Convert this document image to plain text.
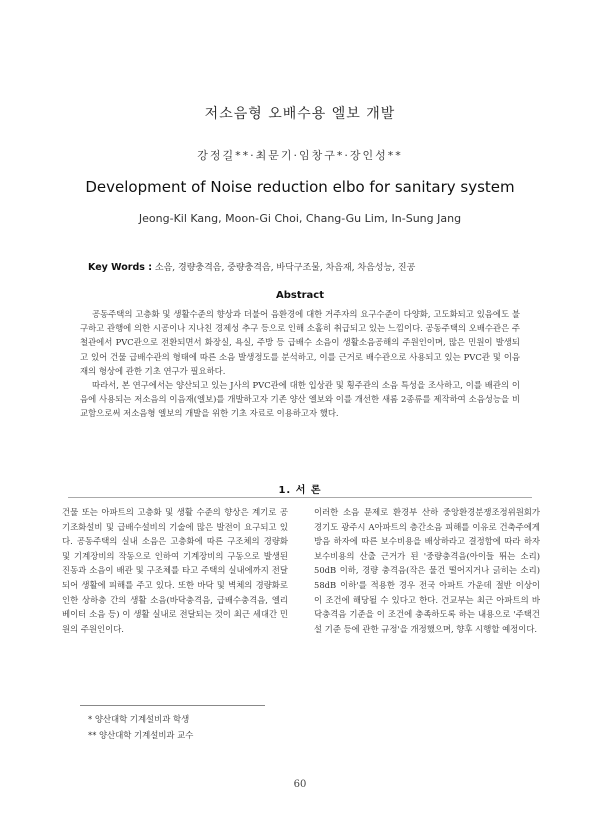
저소음형 오배수용 엘보 개발
강정길**·최문기·임창구*·장인성**
Development of Noise reduction elbo for sanitary system
Jeong-Kil Kang, Moon-Gi Choi, Chang-Gu Lim, In-Sung Jang
Key Words : 소음, 경량충격음, 중량충격음, 바닥구조물, 차음재, 차음성능, 진공
Abstract

공동주택의 고층화 및 생활수준의 향상과 더불어 음환경에 대한 거주자의 요구수준이 다양화, 고도화되고 있음에도 불구하고 관행에 의한 시공이나 지나친 경제성 추구 등으로 인해 소홀히 취급되고 있는 느낌이다. 공동주택의 오배수관은 주철관에서 PVC관으로 전환되면서 화장실, 욕실, 주방 등 급배수 소음이 생활소음공해의 주원인이며, 많은 민원이 발생되고 있어 건물 급배수관의 형태에 따른 소음 발생정도를 분석하고, 이를 근거로 배수관으로 사용되고 있는 PVC관 및 이음재의 형상에 관한 기초 연구가 필요하다.

따라서, 본 연구에서는 양산되고 있는 J사의 PVC관에 대한 입상관 및 횡주관의 소음 특성을 조사하고, 이를 배관의 이음에 사용되는 저소음의 이음재(엘보)를 개발하고자 기존 양산 엘보와 이를 개선한 새롬 2종류를 제작하여 소음성능을 비교함으로써 저소음형 엘보의 개발을 위한 기초 자료로 이용하고자 했다.

1. 서 론

건물 또는 아파트의 고층화 및 생활 수준의 향상은 계기로 공기조화설비 및 급배수설비의 기술에 많은 발전이 요구되고 있다. 공동주택의 실내 소음은 고층화에 따른 구조체의 경량화 및 기계장비의 작동으로 인하여 기계장비의 구동으로 발생된 진동과 소음이 배관 및 구조체를 타고 주택의 실내에까지 전달되어 생활에 피해를 주고 있다. 또한 바닥 및 벽체의 경량화로 인한 상하층 간의 생활 소음(바닥충격음, 급배수충격음, 엘리베이터 소음 등) 이 생활 실내로 전달되는 것이 최근 세대간 민원의 주원인이다.

이러한 소음 문제로 환경부 산하 중앙환경분쟁조정위원회가 경기도 광주시 A아파트의 층간소음 피해를 이유로 건축주에게 방음 하자에 따른 보수비용을 배상하라고 결정함에 따라 하자보수비용의 산출 근거가 된 '중량충격음(아이들 뛰는 소리) 50dB 이하, 경량 충격음(작은 물건 떨어지거나 긁히는 소리) 58dB 이하'를 적용한 경우 전국 아파트 가운데 절반 이상이 이 조건에 해당될 수 있다고 한다. 건교부는 최근 아파트의 바닥충격음 기준을 이 조건에 충족하도록 하는 내용으로 '주택건설 기준 등에 관한 규정'을 개정했으며, 향후 시행할 예정이다.

* 양산대학 기계설비과 학생
** 양산대학 기계설비과 교수
60
